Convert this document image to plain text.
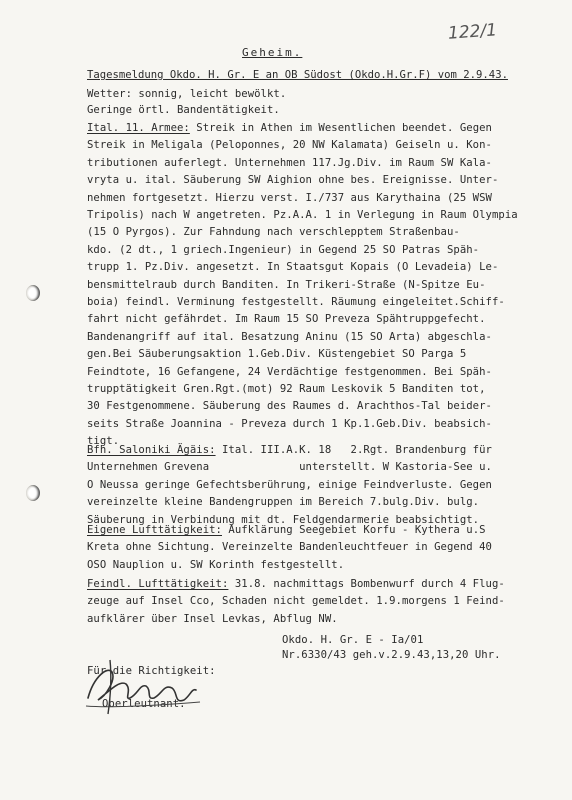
122/1
Geheim.
Tagesmeldung Okdo. H. Gr. E an OB Südost (Okdo.H.Gr.F) vom 2.9.43.
Wetter: sonnig, leicht bewölkt.
Geringe örtl. Bandentätigkeit.
Ital. 11. Armee: Streik in Athen im Wesentlichen beendet. Gegen
Streik in Meligala (Peloponnes, 20 NW Kalamata) Geiseln u. Kon-
tributionen auferlegt. Unternehmen 117.Jg.Div. im Raum SW Kala-
vryta u. ital. Säuberung SW Aighion ohne bes. Ereignisse. Unter-
nehmen fortgesetzt. Hierzu verst. I./737 aus Karythaina (25 WSW
Tripolis) nach W angetreten. Pz.A.A. 1 in Verlegung in Raum Olympia
(15 O Pyrgos). Zur Fahndung nach verschlepptem Straßenbau-
kdo. (2 dt., 1 griech.Ingenieur) in Gegend 25 SO Patras Späh-
trupp 1. Pz.Div. angesetzt. In Staatsgut Kopais (O Levadeia) Le-
bensmittelraub durch Banditen. In Trikeri-Straße (N-Spitze Eu-
boia) feindl. Verminung festgestellt. Räumung eingeleitet.Schiff-
fahrt nicht gefährdet. Im Raum 15 SO Preveza Spähtruppgefecht.
Bandenangriff auf ital. Besatzung Aninu (15 SO Arta) abgeschla-
gen.Bei Säuberungsaktion 1.Geb.Div. Küstengebiet SO Parga 5
Feindtote, 16 Gefangene, 24 Verdächtige festgenommen. Bei Späh-
trupptätigkeit Gren.Rgt.(mot) 92 Raum Leskovik 5 Banditen tot,
30 Festgenommene. Säuberung des Raumes d. Arachthos-Tal beider-
seits Straße Joannina - Preveza durch 1 Kp.1.Geb.Div. beabsich-
tigt.
Bfh. Saloniki Ägäis: Ital. III.A.K. 18   2.Rgt. Brandenburg für
Unternehmen Grevena              unterstellt. W Kastoria-See u.
O Neussa geringe Gefechtsberührung, einige Feindverluste. Gegen
vereinzelte kleine Bandengruppen im Bereich 7.bulg.Div. bulg.
Säuberung in Verbindung mit dt. Feldgendarmerie beabsichtigt.
Eigene Lufttätigkeit: Aufklärung Seegebiet Korfu - Kythera u.S
Kreta ohne Sichtung. Vereinzelte Bandenleuchtfeuer in Gegend 40
OSO Nauplion u. SW Korinth festgestellt.
Feindl. Lufttätigkeit: 31.8. nachmittags Bombenwurf durch 4 Flug-
zeuge auf Insel Cco, Schaden nicht gemeldet. 1.9.morgens 1 Feind-
aufklärer über Insel Levkas, Abflug NW.
Okdo. H. Gr. E - Ia/01
Nr.6330/43 geh.v.2.9.43,13,20 Uhr.
Für die Richtigkeit:
Oberleutnant.
